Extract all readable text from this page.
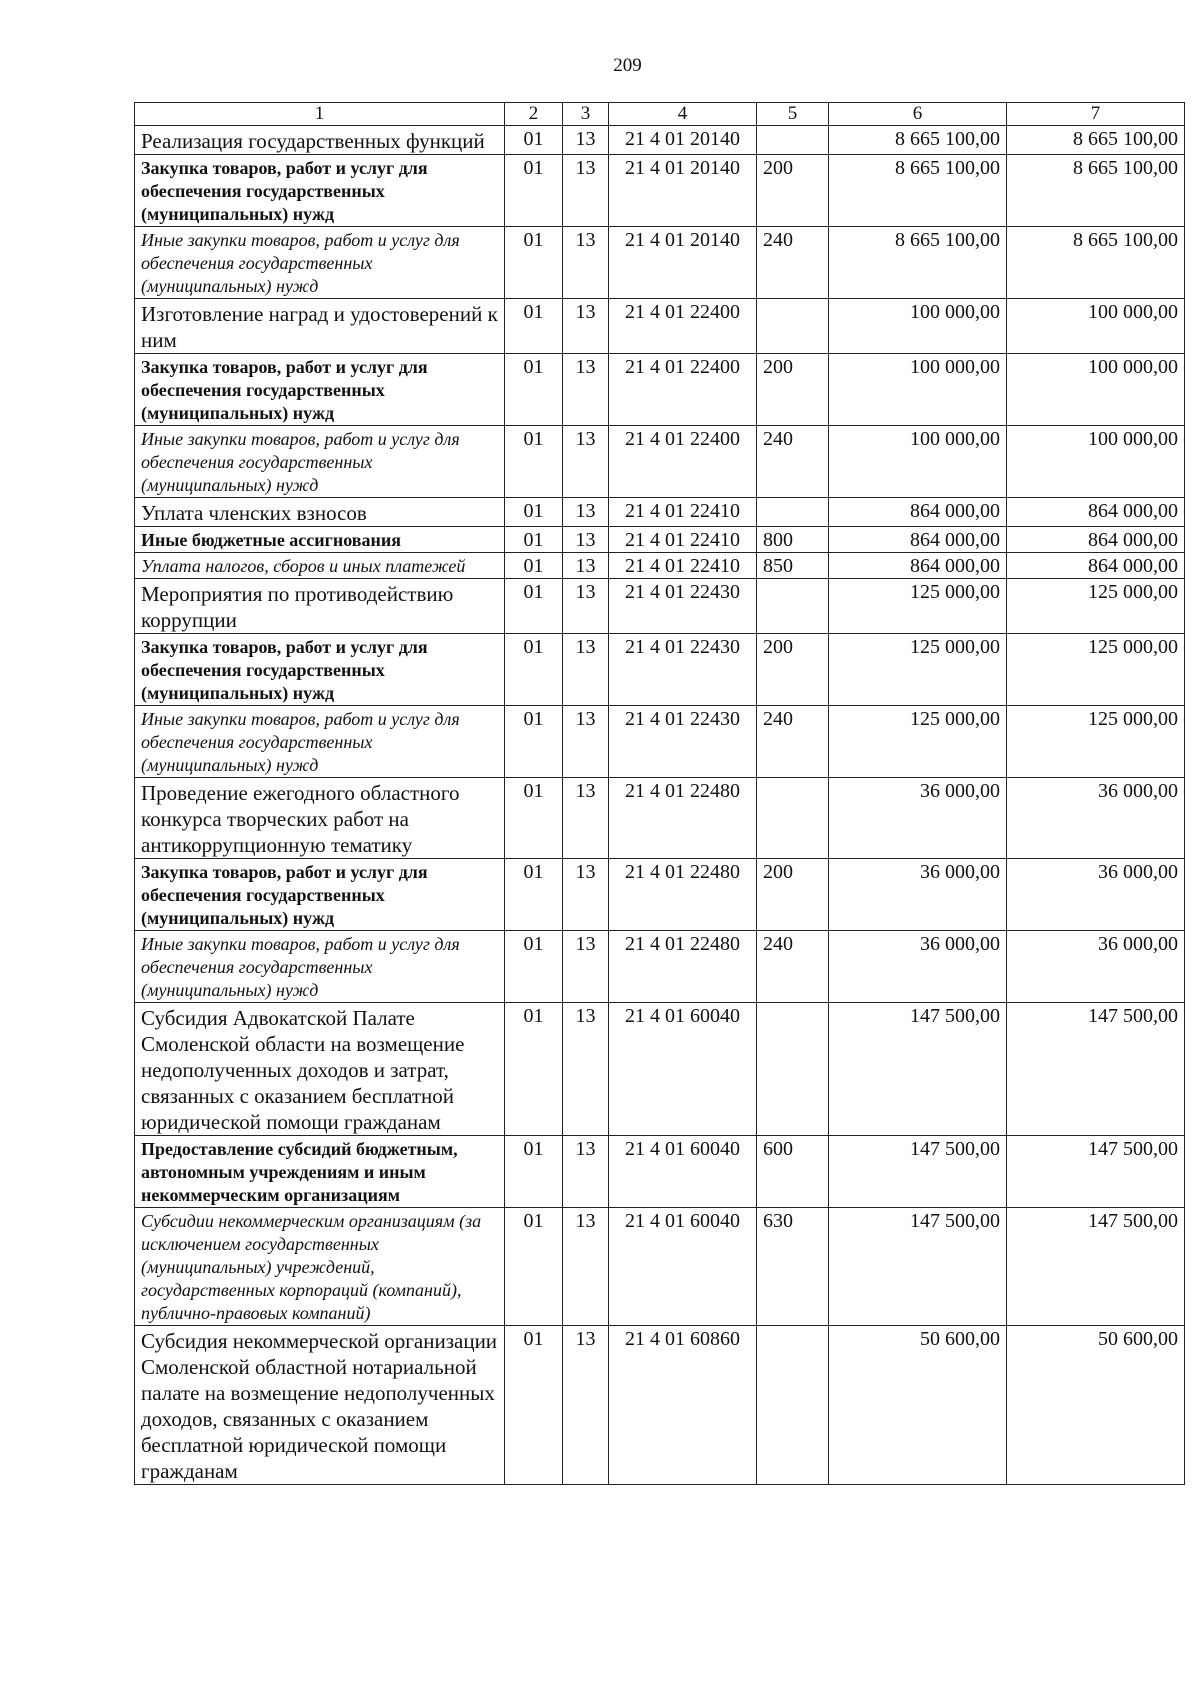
209
1	2	3	4	5	6	7
Реализация государственных функций	01	13	21 4 01 20140		8 665 100,00	8 665 100,00
Закупка товаров, работ и услуг для обеспечения государственных (муниципальных) нужд	01	13	21 4 01 20140	200	8 665 100,00	8 665 100,00
Иные закупки товаров, работ и услуг для обеспечения государственных (муниципальных) нужд	01	13	21 4 01 20140	240	8 665 100,00	8 665 100,00
Изготовление наград и удостоверений к ним	01	13	21 4 01 22400		100 000,00	100 000,00
Закупка товаров, работ и услуг для обеспечения государственных (муниципальных) нужд	01	13	21 4 01 22400	200	100 000,00	100 000,00
Иные закупки товаров, работ и услуг для обеспечения государственных (муниципальных) нужд	01	13	21 4 01 22400	240	100 000,00	100 000,00
Уплата членских взносов	01	13	21 4 01 22410		864 000,00	864 000,00
Иные бюджетные ассигнования	01	13	21 4 01 22410	800	864 000,00	864 000,00
Уплата налогов, сборов и иных платежей	01	13	21 4 01 22410	850	864 000,00	864 000,00
Мероприятия по противодействию коррупции	01	13	21 4 01 22430		125 000,00	125 000,00
Закупка товаров, работ и услуг для обеспечения государственных (муниципальных) нужд	01	13	21 4 01 22430	200	125 000,00	125 000,00
Иные закупки товаров, работ и услуг для обеспечения государственных (муниципальных) нужд	01	13	21 4 01 22430	240	125 000,00	125 000,00
Проведение ежегодного областного конкурса творческих работ на антикоррупционную тематику	01	13	21 4 01 22480		36 000,00	36 000,00
Закупка товаров, работ и услуг для обеспечения государственных (муниципальных) нужд	01	13	21 4 01 22480	200	36 000,00	36 000,00
Иные закупки товаров, работ и услуг для обеспечения государственных (муниципальных) нужд	01	13	21 4 01 22480	240	36 000,00	36 000,00
Субсидия Адвокатской Палате Смоленской области на возмещение недополученных доходов и затрат, связанных с оказанием бесплатной юридической помощи гражданам	01	13	21 4 01 60040		147 500,00	147 500,00
Предоставление субсидий бюджетным, автономным учреждениям и иным некоммерческим организациям	01	13	21 4 01 60040	600	147 500,00	147 500,00
Субсидии некоммерческим организациям (за исключением государственных (муниципальных) учреждений, государственных корпораций (компаний), публично-правовых компаний)	01	13	21 4 01 60040	630	147 500,00	147 500,00
Субсидия некоммерческой организации Смоленской областной нотариальной палате на возмещение недополученных доходов, связанных с оказанием бесплатной юридической помощи гражданам	01	13	21 4 01 60860		50 600,00	50 600,00
